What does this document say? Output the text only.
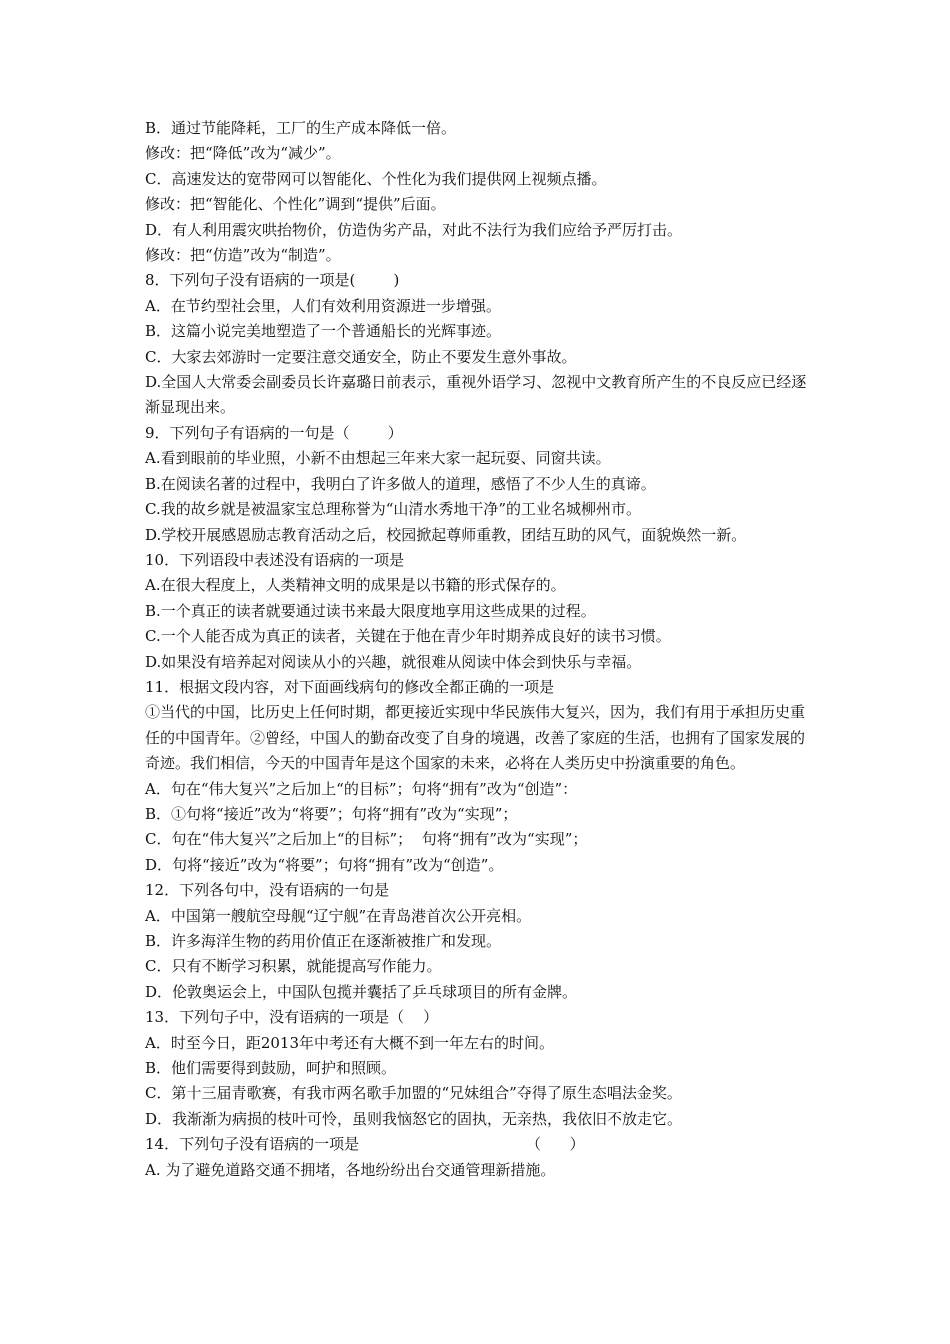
B．通过节能降耗，工厂的生产成本降低一倍。

修改：把“降低”改为“减少”。

C．高速发达的宽带网可以智能化、个性化为我们提供网上视频点播。

修改：把“智能化、个性化”调到“提供”后面。

D．有人利用震灾哄抬物价，仿造伪劣产品，对此不法行为我们应给予严厉打击。

修改：把“仿造”改为“制造”。

8．下列句子没有语病的一项是(        )

A．在节约型社会里，人们有效利用资源进一步增强。

B．这篇小说完美地塑造了一个普通船长的光辉事迹。

C．大家去郊游时一定要注意交通安全，防止不要发生意外事故。

D.全国人大常委会副委员长许嘉璐日前表示，重视外语学习、忽视中文教育所产生的不良反应已经逐渐显现出来。

9．下列句子有语病的一句是（        ）

A.看到眼前的毕业照，小新不由想起三年来大家一起玩耍、同窗共读。

B.在阅读名著的过程中，我明白了许多做人的道理，感悟了不少人生的真谛。

C.我的故乡就是被温家宝总理称誉为“山清水秀地干净”的工业名城柳州市。

D.学校开展感恩励志教育活动之后，校园掀起尊师重教，团结互助的风气，面貌焕然一新。

10．下列语段中表述没有语病的一项是

A.在很大程度上，人类精神文明的成果是以书籍的形式保存的。

B.一个真正的读者就要通过读书来最大限度地享用这些成果的过程。

C.一个人能否成为真正的读者，关键在于他在青少年时期养成良好的读书习惯。

D.如果没有培养起对阅读从小的兴趣，就很难从阅读中体会到快乐与幸福。

11．根据文段内容，对下面画线病句的修改全都正确的一项是

①当代的中国，比历史上任何时期，都更接近实现中华民族伟大复兴，因为，我们有用于承担历史重任的中国青年。②曾经，中国人的勤奋改变了自身的境遇，改善了家庭的生活，也拥有了国家发展的奇迹。我们相信，今天的中国青年是这个国家的未来，必将在人类历史中扮演重要的角色。

A．句在“伟大复兴”之后加上“的目标”；句将“拥有”改为“创造”：

B．①句将“接近”改为“将要”；句将“拥有”改为“实现”；

C．句在“伟大复兴”之后加上“的目标”；  句将“拥有”改为“实现”；

D．句将“接近”改为“将要”；句将“拥有”改为“创造”。

12．下列各句中，没有语病的一句是

A．中国第一艘航空母舰“辽宁舰”在青岛港首次公开亮相。

B．许多海洋生物的药用价值正在逐渐被推广和发现。

C．只有不断学习积累，就能提高写作能力。

D．伦敦奥运会上，中国队包揽并囊括了乒乓球项目的所有金牌。

13．下列句子中，没有语病的一项是（    ）

A．时至今日，距2013年中考还有大概不到一年左右的时间。

B．他们需要得到鼓励，呵护和照顾。

C．第十三届青歌赛，有我市两名歌手加盟的“兄妹组合”夺得了原生态唱法金奖。

D．我渐渐为病损的枝叶可怜，虽则我恼怒它的固执，无亲热，我依旧不放走它。

14．下列句子没有语病的一项是                                   （      ）

A. 为了避免道路交通不拥堵，各地纷纷出台交通管理新措施。
